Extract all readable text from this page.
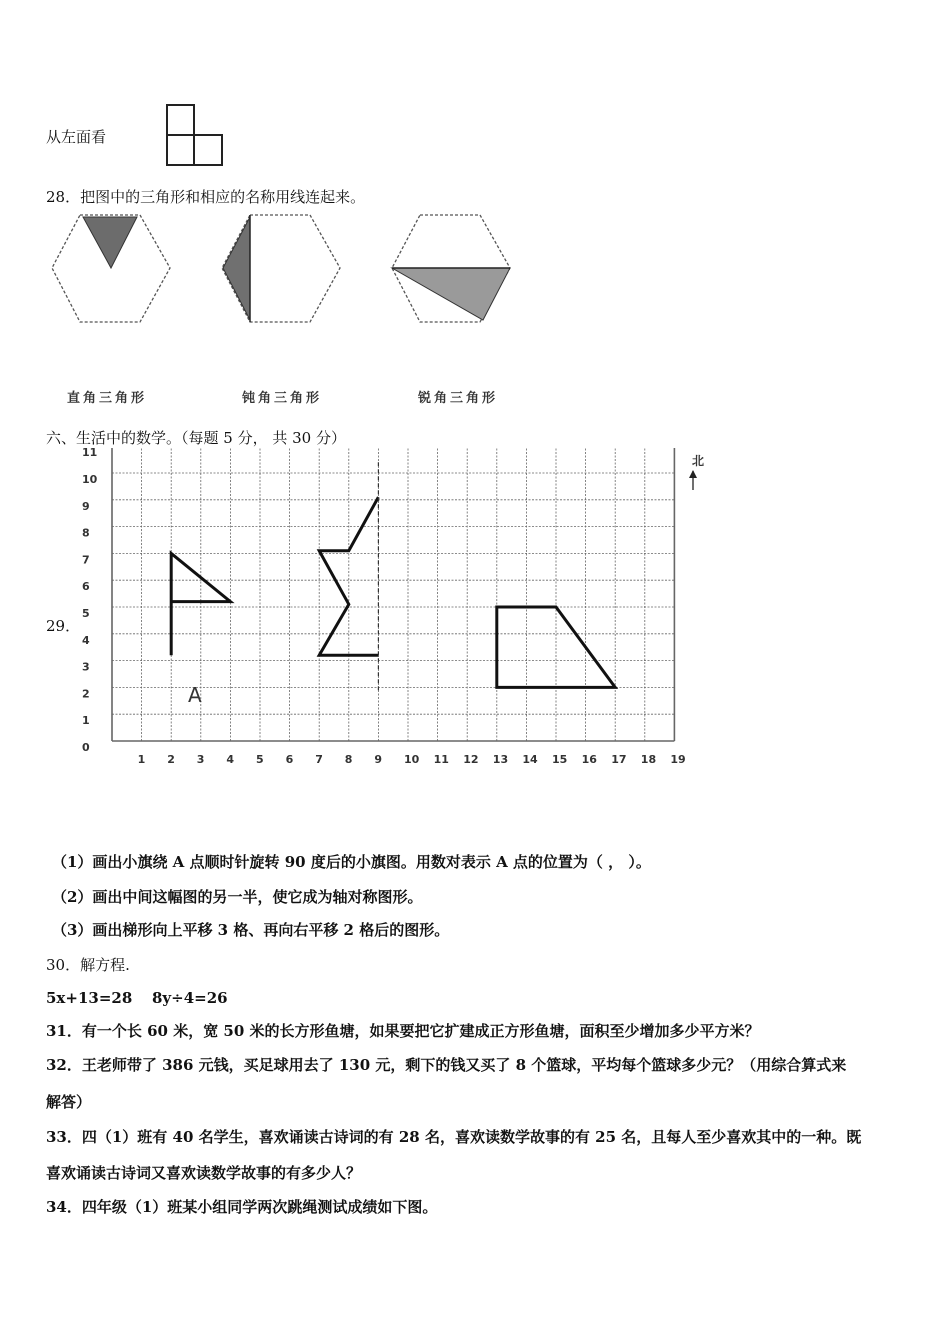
从左面看
28．把图中的三角形和相应的名称用线连起来。
直角三角形	钝角三角形	锐角三角形
六、生活中的数学。（每题 5 分， 共 30 分）
29．
1 2 3 4 5 6 7 8 9 10 11 12 13 14 15 16 17 18 19
0
1
2
3
4
5
6
7
8
9
10
11
北
A
（1）画出小旗绕 A 点顺时针旋转 90 度后的小旗图。用数对表示 A 点的位置为（ ， ）。
（2）画出中间这幅图的另一半，使它成为轴对称图形。
（3）画出梯形向上平移 3 格、再向右平移 2 格后的图形。
30．解方程.
5x+13=28 8y÷4=26
31．有一个长 60 米，宽 50 米的长方形鱼塘，如果要把它扩建成正方形鱼塘，面积至少增加多少平方米？
32．王老师带了 386 元钱，买足球用去了 130 元，剩下的钱又买了 8 个篮球，平均每个篮球多少元？（用综合算式来
解答）
33．四（1）班有 40 名学生，喜欢诵读古诗词的有 28 名，喜欢读数学故事的有 25 名，且每人至少喜欢其中的一种。既
喜欢诵读古诗词又喜欢读数学故事的有多少人？
34．四年级（1）班某小组同学两次跳绳测试成绩如下图。
